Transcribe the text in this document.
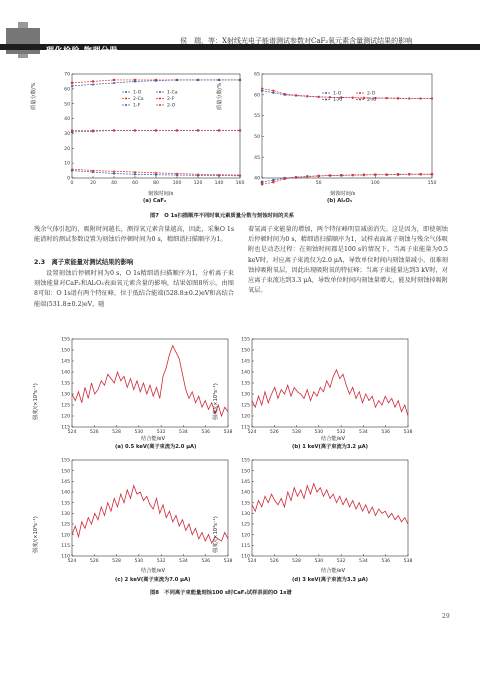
理化检验-物理分册
侯　瑞，等：X射线光电子能谱测试参数对CaF₂氧元素含量测试结果的影响
0
10
20
30
40
50
60
70
0	20	40	60	80	100	120	140	160
1-O	1-Ca
2-Ca	2-F
1-F	2-O
40
45
50
55
60
65
50	100	150
1-O	2-O
1-Al	2-Al
质量分数/%	质量分数/%
刻蚀时间/s	刻蚀时间/s
(a) CaF₂	(b) Al₂O₃
图7　O 1s扫描顺序不同时氧元素质量分数与刻蚀时间的关系
残余气体引起的，吸附时间越长，测得氧元素含量越高，因此，采集O 1s能谱时的测试参数设置为刻蚀后停顿时间为0 s，精细谱扫描顺序为1。
2.3　离子束能量对测试结果的影响
设置刻蚀后停顿时间为0 s，O 1s精细谱扫描顺序为1，分析离子束刻蚀能量对CaF₂和Al₂O₃表面氧元素含量的影响，结果如图8所示。由图8可知：O 1s谱有两个特征峰，位于低结合能端(528.8±0.2)eV和高结合能端(531.8±0.2)eV，随
着氩离子束能量的增加，两个特征峰明显减弱消失。这是因为，即使刻蚀后停顿时间为0 s，精细谱扫描顺序为1，试样表面离子刻蚀与残余气体吸附也是动态过程：在刻蚀时间都是100 s的情况下，当离子束能量为0.5 keV时，对应离子束流仅为2.0 μA，导致单位时间内刻蚀量减小，很难刻蚀掉吸附氧层，因此出现吸附氧的特征峰；当离子束能量达到3 kV时，对应离子束流达到3.3 μA，导致单位时间内刻蚀量增大，能及时刻蚀掉吸附氧层。
115
120
125
130
135
140
145
150
155
524	526	528	530	532	534	536	538
115
120
125
130
135
140
145
150
155
524	526	528	530	532	534	536	538
110
115
120
125
130
135
140
145
150
155
524	526	528	530	532	534	536	538
110
115
120
125
130
135
140
145
150
155
524	526	528	530	532	534	536	538
结合能/eV	结合能/eV
结合能/eV	结合能/eV
(a) 0.5 keV(离子束流为2.0 μA)	(b) 1 keV(离子束流为3.2 μA)
(c) 2 keV(离子束流为7.0 μA)	(d) 3 keV(离子束流为3.3 μA)
强度/(×10³s⁻¹)	强度/(×10³s⁻¹)
强度/(×10³s⁻¹)	强度/(×10³s⁻¹)
图8　不同离子束能量刻蚀100 s时CaF₂试样表面的O 1s谱
29
